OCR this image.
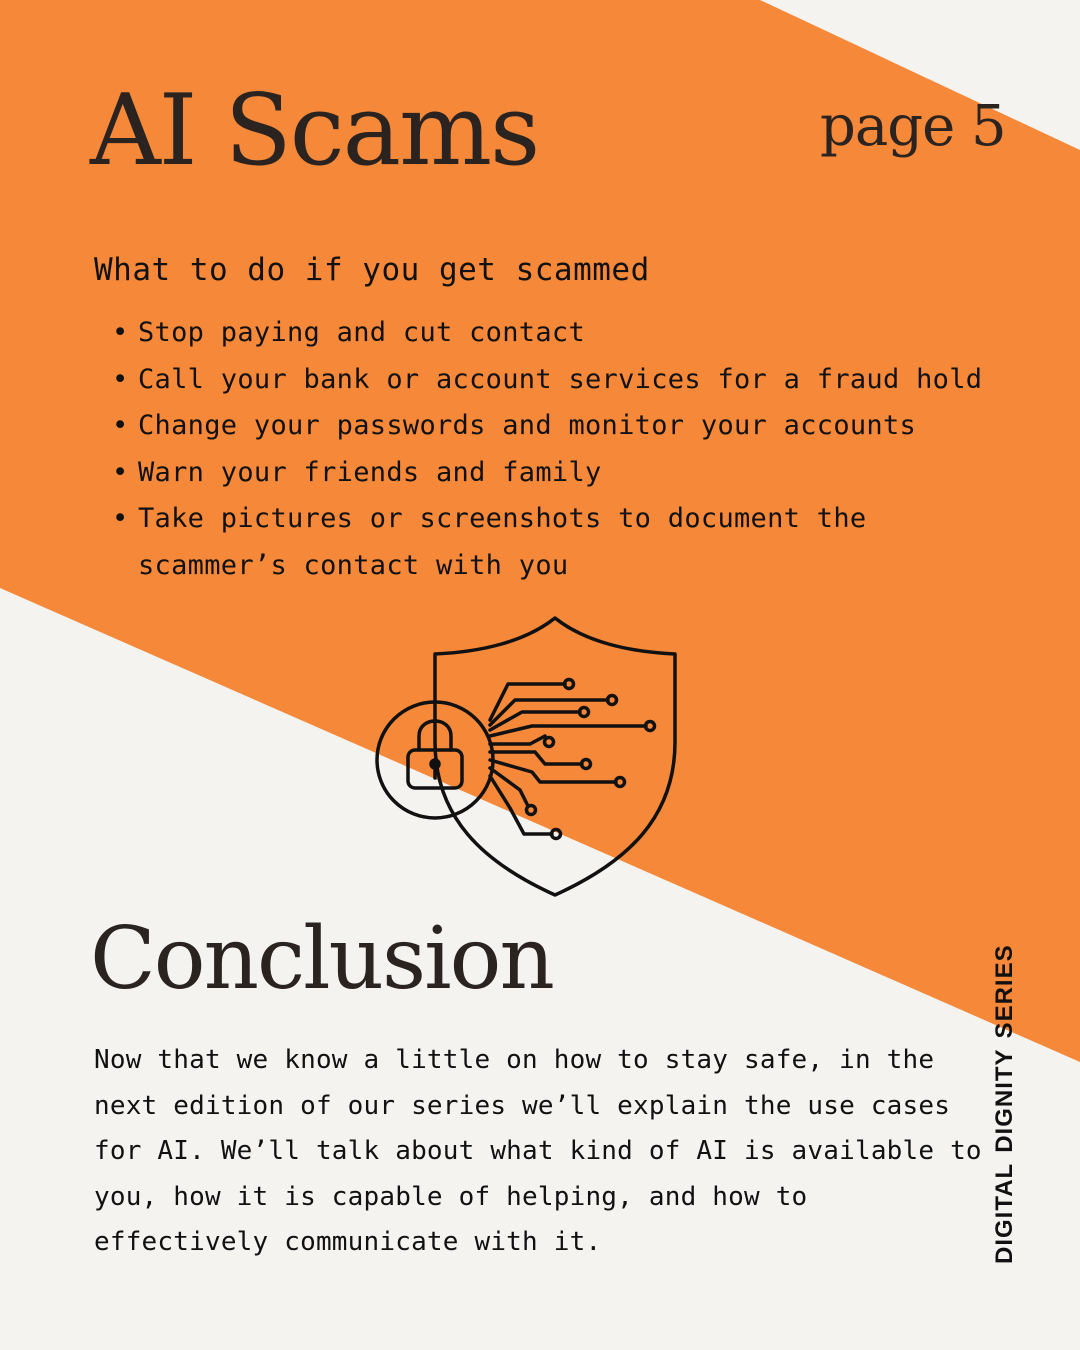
AI Scams	page 5
What to do if you get scammed
• Stop paying and cut contact
• Call your bank or account services for a fraud hold
• Change your passwords and monitor your accounts
• Warn your friends and family
• Take pictures or screenshots to document the scammer’s contact with you
Conclusion

Now that we know a little on how to stay safe, in the next edition of our series we’ll explain the use cases for AI. We’ll talk about what kind of AI is available to you, how it is capable of helping, and how to effectively communicate with it.	DIGITALDIGNITYSERIES
